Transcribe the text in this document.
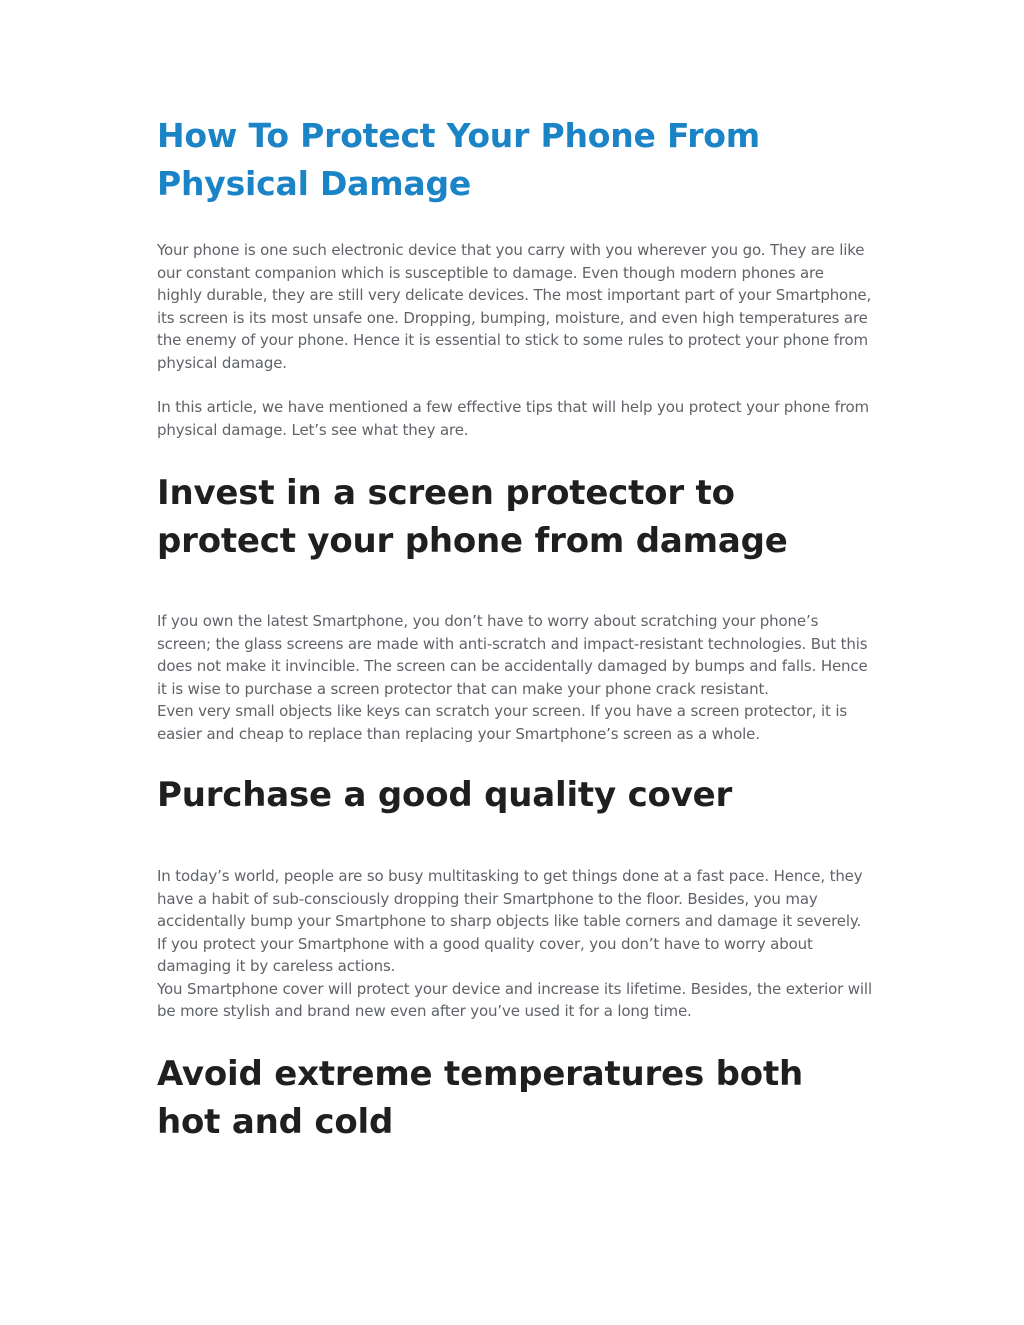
How To Protect Your Phone From Physical Damage

Your phone is one such electronic device that you carry with you wherever you go. They are like our constant companion which is susceptible to damage. Even though modern phones are highly durable, they are still very delicate devices. The most important part of your Smartphone, its screen is its most unsafe one. Dropping, bumping, moisture, and even high temperatures are the enemy of your phone. Hence it is essential to stick to some rules to protect your phone from physical damage.

In this article, we have mentioned a few effective tips that will help you protect your phone from physical damage. Let’s see what they are.

Invest in a screen protector to protect your phone from damage

If you own the latest Smartphone, you don’t have to worry about scratching your phone’s screen; the glass screens are made with anti-scratch and impact-resistant technologies. But this does not make it invincible. The screen can be accidentally damaged by bumps and falls. Hence it is wise to purchase a screen protector that can make your phone crack resistant.

Even very small objects like keys can scratch your screen. If you have a screen protector, it is easier and cheap to replace than replacing your Smartphone’s screen as a whole.

Purchase a good quality cover

In today’s world, people are so busy multitasking to get things done at a fast pace. Hence, they have a habit of sub-consciously dropping their Smartphone to the floor. Besides, you may accidentally bump your Smartphone to sharp objects like table corners and damage it severely.

If you protect your Smartphone with a good quality cover, you don’t have to worry about damaging it by careless actions.

You Smartphone cover will protect your device and increase its lifetime. Besides, the exterior will be more stylish and brand new even after you’ve used it for a long time.

Avoid extreme temperatures both hot and cold
